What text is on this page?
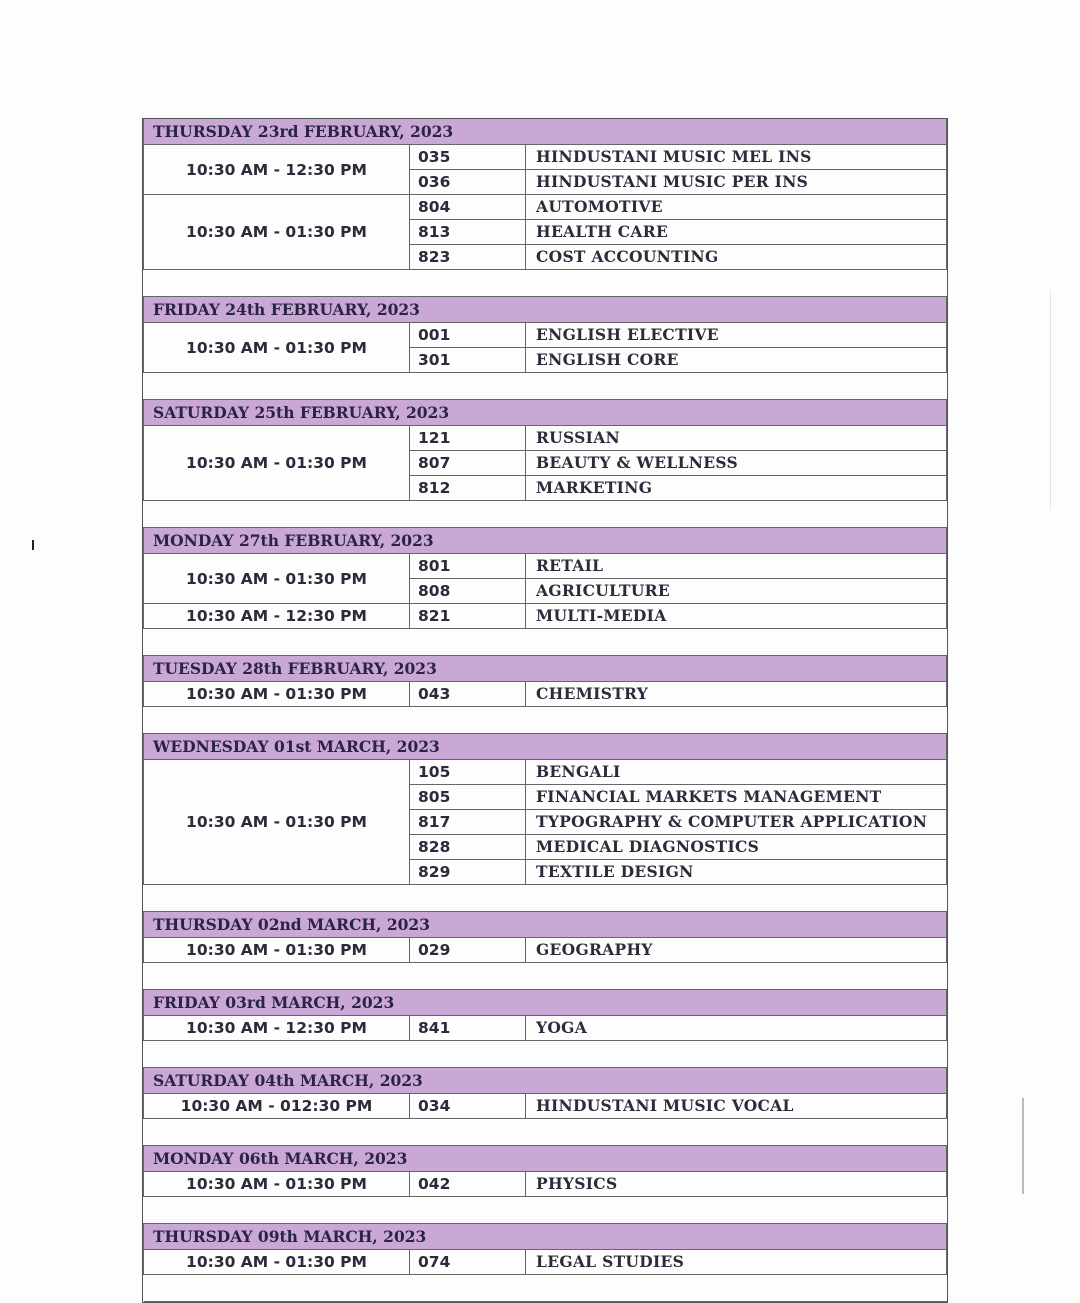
THURSDAY 23rd FEBRUARY, 2023		
10:30 AM - 12:30 PM	035	HINDUSTANI MUSIC MEL INS
	036	HINDUSTANI MUSIC PER INS
10:30 AM - 01:30 PM	804	AUTOMOTIVE
	813	HEALTH CARE
	823	COST ACCOUNTING

FRIDAY 24th FEBRUARY, 2023		
10:30 AM - 01:30 PM	001	ENGLISH ELECTIVE
	301	ENGLISH CORE

SATURDAY 25th FEBRUARY, 2023		
10:30 AM - 01:30 PM	121	RUSSIAN
	807	BEAUTY & WELLNESS
	812	MARKETING

MONDAY 27th FEBRUARY, 2023		
10:30 AM - 01:30 PM	801	RETAIL
	808	AGRICULTURE
10:30 AM - 12:30 PM	821	MULTI-MEDIA

TUESDAY 28th FEBRUARY, 2023		
10:30 AM - 01:30 PM	043	CHEMISTRY

WEDNESDAY 01st MARCH, 2023		
10:30 AM - 01:30 PM	105	BENGALI
	805	FINANCIAL MARKETS MANAGEMENT
	817	TYPOGRAPHY & COMPUTER APPLICATION
	828	MEDICAL DIAGNOSTICS
	829	TEXTILE DESIGN

THURSDAY 02nd MARCH, 2023		
10:30 AM - 01:30 PM	029	GEOGRAPHY

FRIDAY 03rd MARCH, 2023		
10:30 AM - 12:30 PM	841	YOGA

SATURDAY 04th MARCH, 2023		
10:30 AM - 012:30 PM	034	HINDUSTANI MUSIC VOCAL

MONDAY 06th MARCH, 2023		
10:30 AM - 01:30 PM	042	PHYSICS

THURSDAY 09th MARCH, 2023		
10:30 AM - 01:30 PM	074	LEGAL STUDIES
